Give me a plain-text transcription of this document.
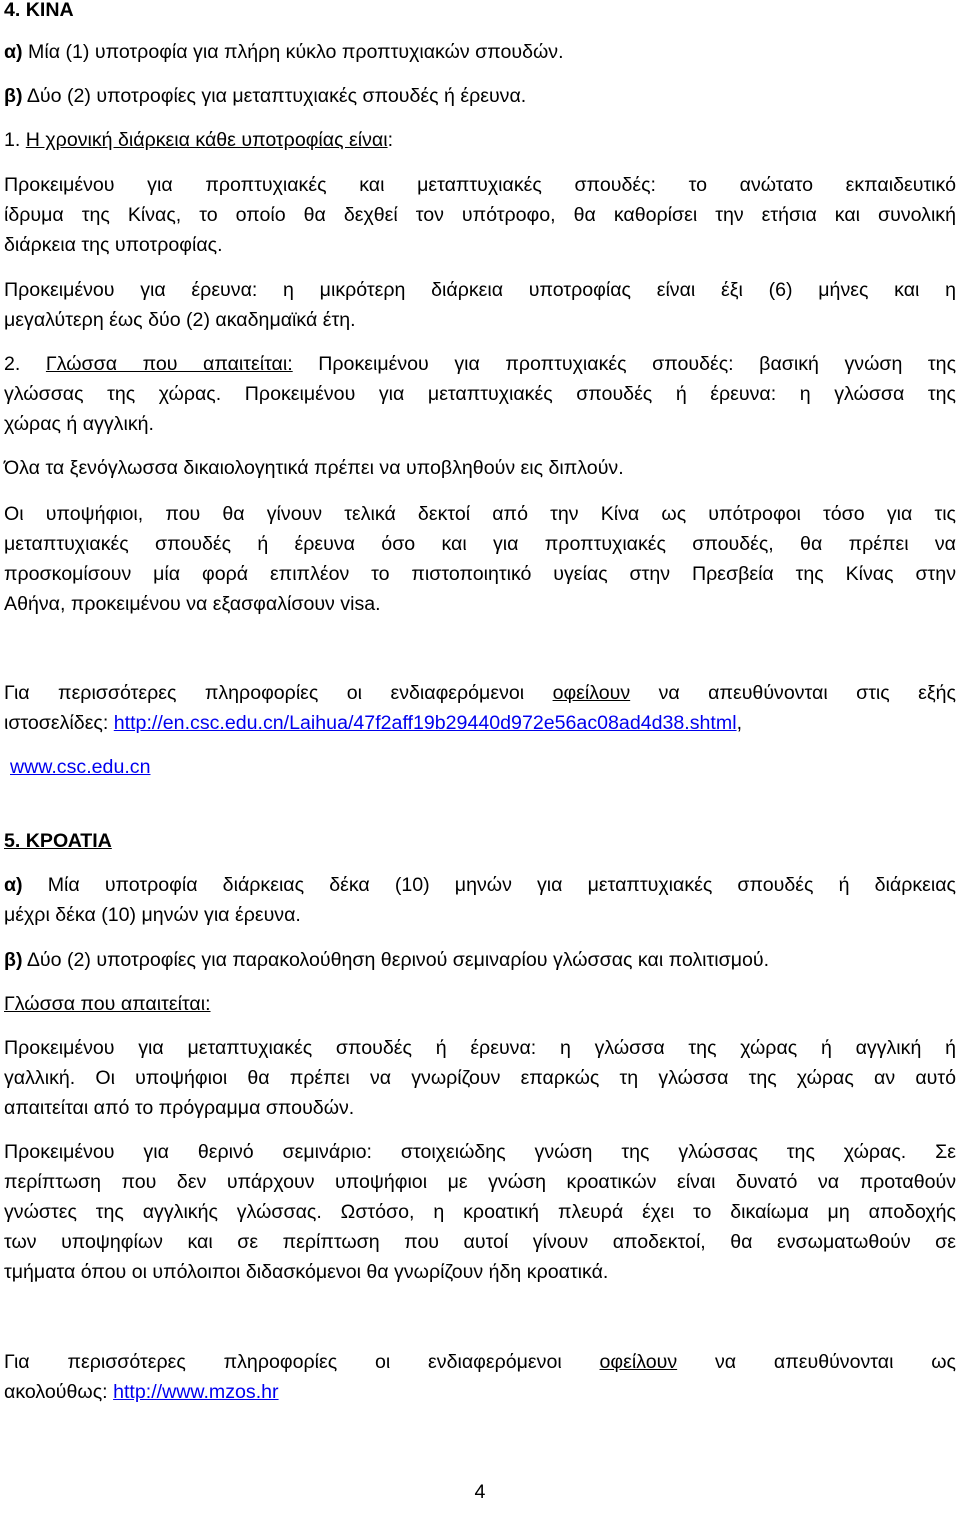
4. ΚΙΝΑ
α) Μία (1) υποτροφία για πλήρη κύκλο προπτυχιακών σπουδών.
β) Δύο (2) υποτροφίες για μεταπτυχιακές σπουδές ή έρευνα.
1. Η χρονική διάρκεια κάθε υποτροφίας είναι:
Προκειμένου για προπτυχιακές και μεταπτυχιακές σπουδές: το ανώτατο εκπαιδευτικό
ίδρυμα της Κίνας, το οποίο θα δεχθεί τον υπότροφο, θα καθορίσει την ετήσια και συνολική
διάρκεια της υποτροφίας.
Προκειμένου για έρευνα: η μικρότερη διάρκεια υποτροφίας είναι έξι (6) μήνες και η
μεγαλύτερη έως δύο (2) ακαδημαϊκά έτη.
2. Γλώσσα που απαιτείται: Προκειμένου για προπτυχιακές σπουδές: βασική γνώση της
γλώσσας της χώρας. Προκειμένου για μεταπτυχιακές σπουδές ή έρευνα: η γλώσσα της
χώρας ή αγγλική.
Όλα τα ξενόγλωσσα δικαιολογητικά πρέπει να υποβληθούν εις διπλούν.
Οι υποψήφιοι, που θα γίνουν τελικά δεκτοί από την Κίνα ως υπότροφοι τόσο για τις
μεταπτυχιακές σπουδές ή έρευνα όσο και για προπτυχιακές σπουδές, θα πρέπει να
προσκομίσουν μία φορά επιπλέον το πιστοποιητικό υγείας στην Πρεσβεία της Κίνας στην
Αθήνα, προκειμένου να εξασφαλίσουν visa.
Για περισσότερες πληροφορίες οι ενδιαφερόμενοι οφείλουν να απευθύνονται στις εξής
ιστοσελίδες: http://en.csc.edu.cn/Laihua/47f2aff19b29440d972e56ac08ad4d38.shtml,
www.csc.edu.cn
5. ΚΡΟΑΤΙΑ
α) Μία υποτροφία διάρκειας δέκα (10) μηνών για μεταπτυχιακές σπουδές ή διάρκειας
μέχρι δέκα (10) μηνών για έρευνα.
β) Δύο (2) υποτροφίες για παρακολούθηση θερινού σεμιναρίου γλώσσας και πολιτισμού.
Γλώσσα που απαιτείται:
Προκειμένου για μεταπτυχιακές σπουδές ή έρευνα: η γλώσσα της χώρας ή αγγλική ή
γαλλική. Οι υποψήφιοι θα πρέπει να γνωρίζουν επαρκώς τη γλώσσα της χώρας αν αυτό
απαιτείται από το πρόγραμμα σπουδών.
Προκειμένου για θερινό σεμινάριο: στοιχειώδης γνώση της γλώσσας της χώρας. Σε
περίπτωση που δεν υπάρχουν υποψήφιοι με γνώση κροατικών είναι δυνατό να προταθούν
γνώστες της αγγλικής γλώσσας. Ωστόσο, η κροατική πλευρά έχει το δικαίωμα μη αποδοχής
των υποψηφίων και σε περίπτωση που αυτοί γίνουν αποδεκτοί, θα ενσωματωθούν σε
τμήματα όπου οι υπόλοιποι διδασκόμενοι θα γνωρίζουν ήδη κροατικά.
Για περισσότερες πληροφορίες οι ενδιαφερόμενοι οφείλουν να απευθύνονται ως
ακολούθως: http://www.mzos.hr
4
